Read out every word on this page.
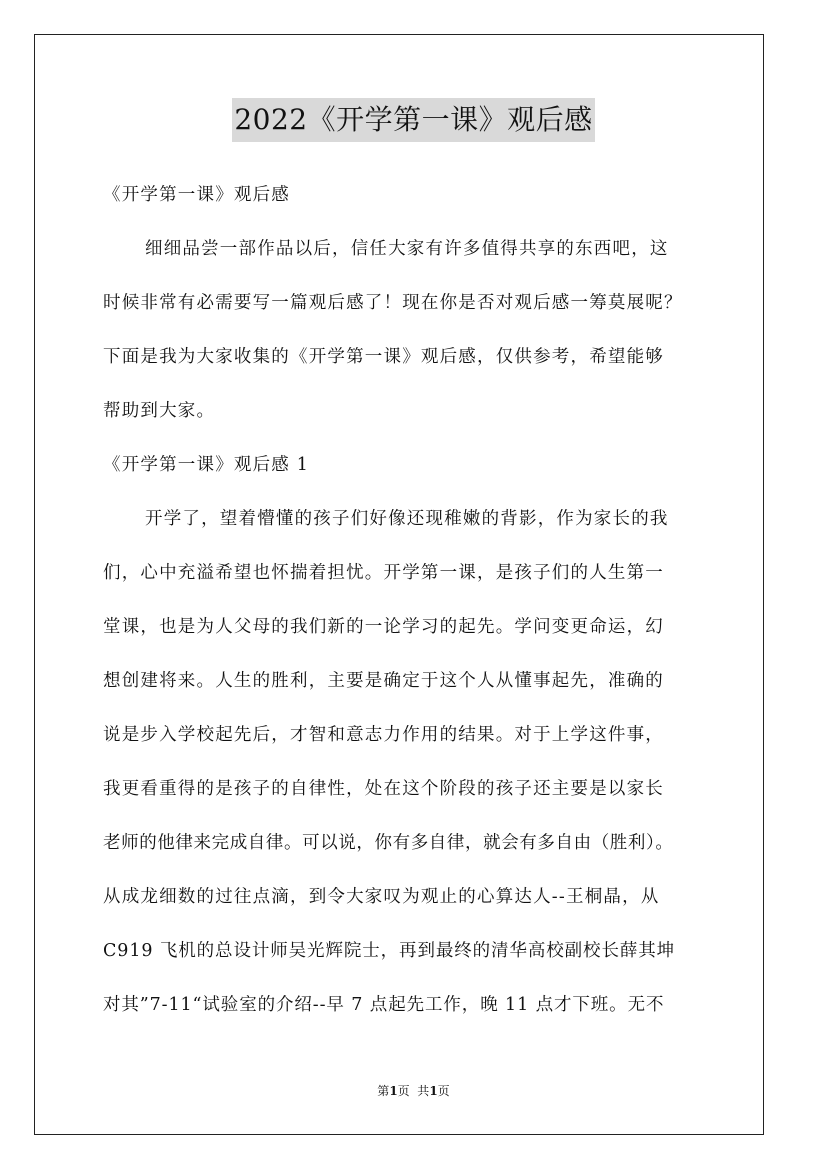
2022《开学第一课》观后感
《开学第一课》观后感
细细品尝一部作品以后，信任大家有许多值得共享的东西吧，这
时候非常有必需要写一篇观后感了！现在你是否对观后感一筹莫展呢？
下面是我为大家收集的《开学第一课》观后感，仅供参考，希望能够
帮助到大家。
《开学第一课》观后感 1
开学了，望着懵懂的孩子们好像还现稚嫩的背影，作为家长的我
们，心中充溢希望也怀揣着担忧。开学第一课，是孩子们的人生第一
堂课，也是为人父母的我们新的一论学习的起先。学问变更命运，幻
想创建将来。人生的胜利，主要是确定于这个人从懂事起先，准确的
说是步入学校起先后，才智和意志力作用的结果。对于上学这件事，
我更看重得的是孩子的自律性，处在这个阶段的孩子还主要是以家长
老师的他律来完成自律。可以说，你有多自律，就会有多自由（胜利）。
从成龙细数的过往点滴，到令大家叹为观止的心算达人--王桐晶，从
C919 飞机的总设计师吴光辉院士，再到最终的清华高校副校长薛其坤
对其”7-11“试验室的介绍--早 7 点起先工作，晚 11 点才下班。无不
第1页  共1页
